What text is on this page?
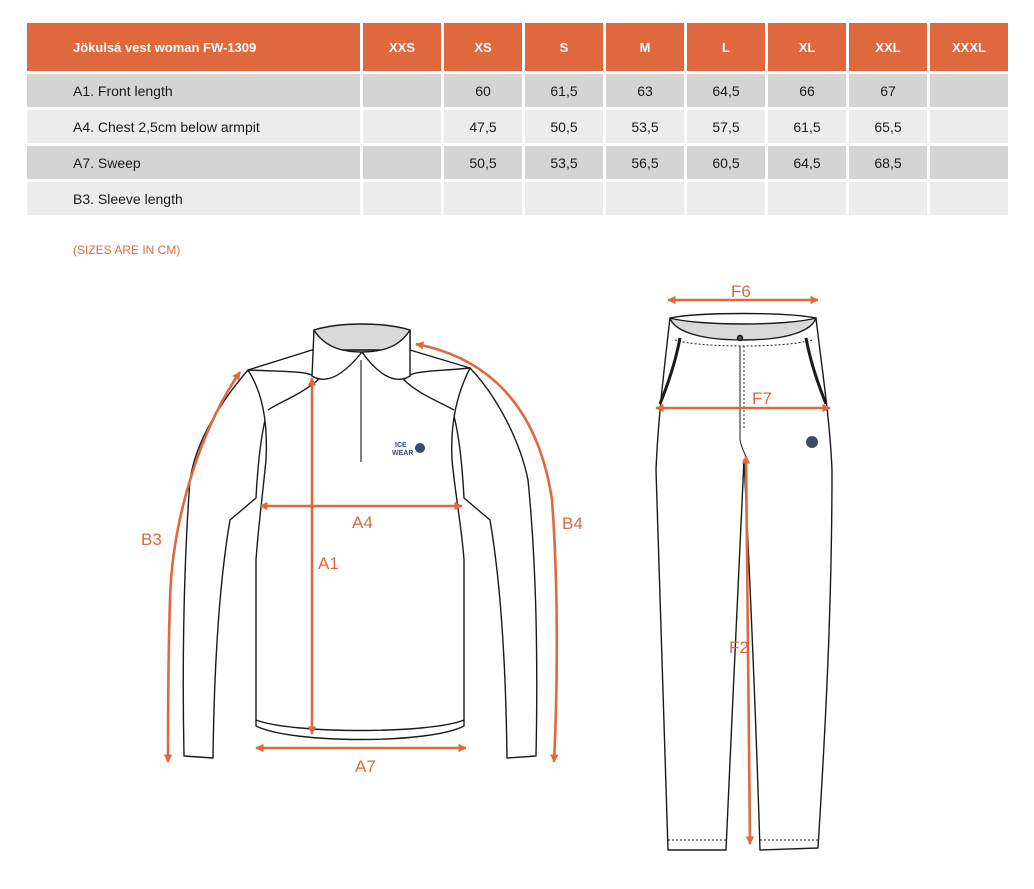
Jökulsá vest woman FW-1309	XXS	XS	S	M	L	XL	XXL	XXXL
A1. Front length		60	61,5	63	64,5	66	67	
A4. Chest 2,5cm below armpit		47,5	50,5	53,5	57,5	61,5	65,5	
A7. Sweep		50,5	53,5	56,5	60,5	64,5	68,5	
B3. Sleeve length								
(SIZES ARE IN CM)
ICE
WEAR
A1
A4
A7
B3
B4
F6
F7
F2
